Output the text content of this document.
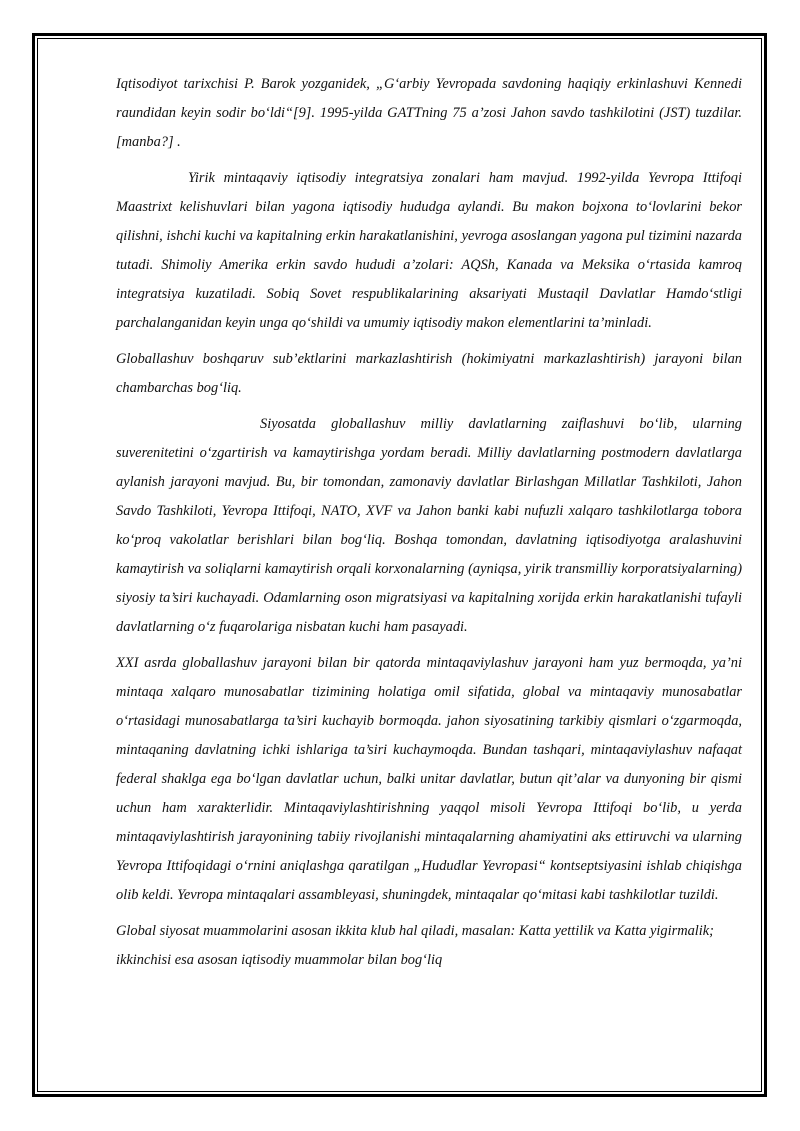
Iqtisodiyot tarixchisi P. Barok yozganidek, „G‘arbiy Yevropada savdoning haqiqiy erkinlashuvi Kennedi raundidan keyin sodir bo‘ldi“[9]. 1995-yilda GATTning 75 a’zosi Jahon savdo tashkilotini (JST) tuzdilar.[manba?] .

Yirik mintaqaviy iqtisodiy integratsiya zonalari ham mavjud. 1992-yilda Yevropa Ittifoqi Maastrixt kelishuvlari bilan yagona iqtisodiy hududga aylandi. Bu makon bojxona to‘lovlarini bekor qilishni, ishchi kuchi va kapitalning erkin harakatlanishini, yevroga asoslangan yagona pul tizimini nazarda tutadi. Shimoliy Amerika erkin savdo hududi a’zolari: AQSh, Kanada va Meksika o‘rtasida kamroq integratsiya kuzatiladi. Sobiq Sovet respublikalarining aksariyati Mustaqil Davlatlar Hamdo‘stligi parchalanganidan keyin unga qo‘shildi va umumiy iqtisodiy makon elementlarini ta’minladi.

Globallashuv boshqaruv sub’ektlarini markazlashtirish (hokimiyatni markazlashtirish) jarayoni bilan chambarchas bog‘liq.

Siyosatda globallashuv milliy davlatlarning zaiflashuvi bo‘lib, ularning suverenitetini o‘zgartirish va kamaytirishga yordam beradi. Milliy davlatlarning postmodern davlatlarga aylanish jarayoni mavjud. Bu, bir tomondan, zamonaviy davlatlar Birlashgan Millatlar Tashkiloti, Jahon Savdo Tashkiloti, Yevropa Ittifoqi, NATO, XVF va Jahon banki kabi nufuzli xalqaro tashkilotlarga tobora ko‘proq vakolatlar berishlari bilan bog‘liq. Boshqa tomondan, davlatning iqtisodiyotga aralashuvini kamaytirish va soliqlarni kamaytirish orqali korxonalarning (ayniqsa, yirik transmilliy korporatsiyalarning) siyosiy ta’siri kuchayadi. Odamlarning oson migratsiyasi va kapitalning xorijda erkin harakatlanishi tufayli davlatlarning o‘z fuqarolariga nisbatan kuchi ham pasayadi.

XXI asrda globallashuv jarayoni bilan bir qatorda mintaqaviylashuv jarayoni ham yuz bermoqda, ya’ni mintaqa xalqaro munosabatlar tizimining holatiga omil sifatida, global va mintaqaviy munosabatlar o‘rtasidagi munosabatlarga ta’siri kuchayib bormoqda. jahon siyosatining tarkibiy qismlari o‘zgarmoqda, mintaqaning davlatning ichki ishlariga ta’siri kuchaymoqda. Bundan tashqari, mintaqaviylashuv nafaqat federal shaklga ega bo‘lgan davlatlar uchun, balki unitar davlatlar, butun qit’alar va dunyoning bir qismi uchun ham xarakterlidir. Mintaqaviylashtirishning yaqqol misoli Yevropa Ittifoqi bo‘lib, u yerda mintaqaviylashtirish jarayonining tabiiy rivojlanishi mintaqalarning ahamiyatini aks ettiruvchi va ularning Yevropa Ittifoqidagi o‘rnini aniqlashga qaratilgan „Hududlar Yevropasi“ kontseptsiyasini ishlab chiqishga olib keldi. Yevropa mintaqalari assambleyasi, shuningdek, mintaqalar qo‘mitasi kabi tashkilotlar tuzildi.

Global siyosat muammolarini asosan ikkita klub hal qiladi, masalan: Katta yettilik va Katta yigirmalik; ikkinchisi esa asosan iqtisodiy muammolar bilan bog‘liq
